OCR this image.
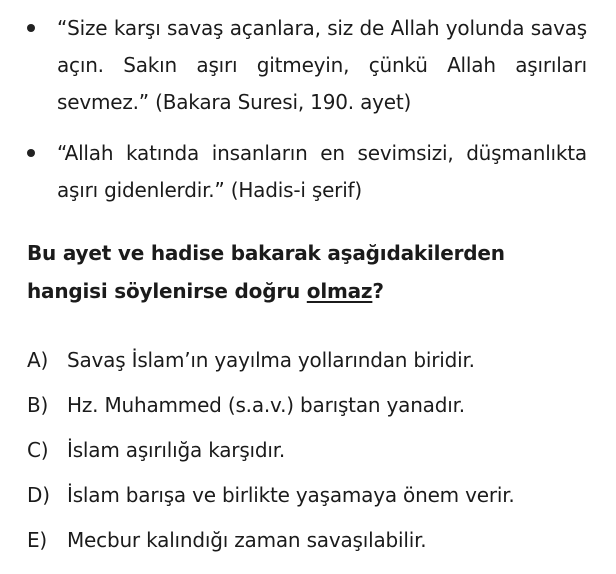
“Size karşı savaş açanlara, siz de Allah yolunda savaş açın. Sakın aşırı gitmeyin, çünkü Allah aşırıları sevmez.” (Bakara Suresi, 190. ayet)
“Allah katında insanların en sevimsizi, düşmanlıkta aşırı gidenlerdir.” (Hadis-i şerif)
Bu ayet ve hadise bakarak aşağıdakilerden hangisi söylenirse doğru olmaz?
A) Savaş İslam’ın yayılma yollarından biridir.
B) Hz. Muhammed (s.a.v.) barıştan yanadır.
C) İslam aşırılığa karşıdır.
D) İslam barışa ve birlikte yaşamaya önem verir.
E) Mecbur kalındığı zaman savaşılabilir.
